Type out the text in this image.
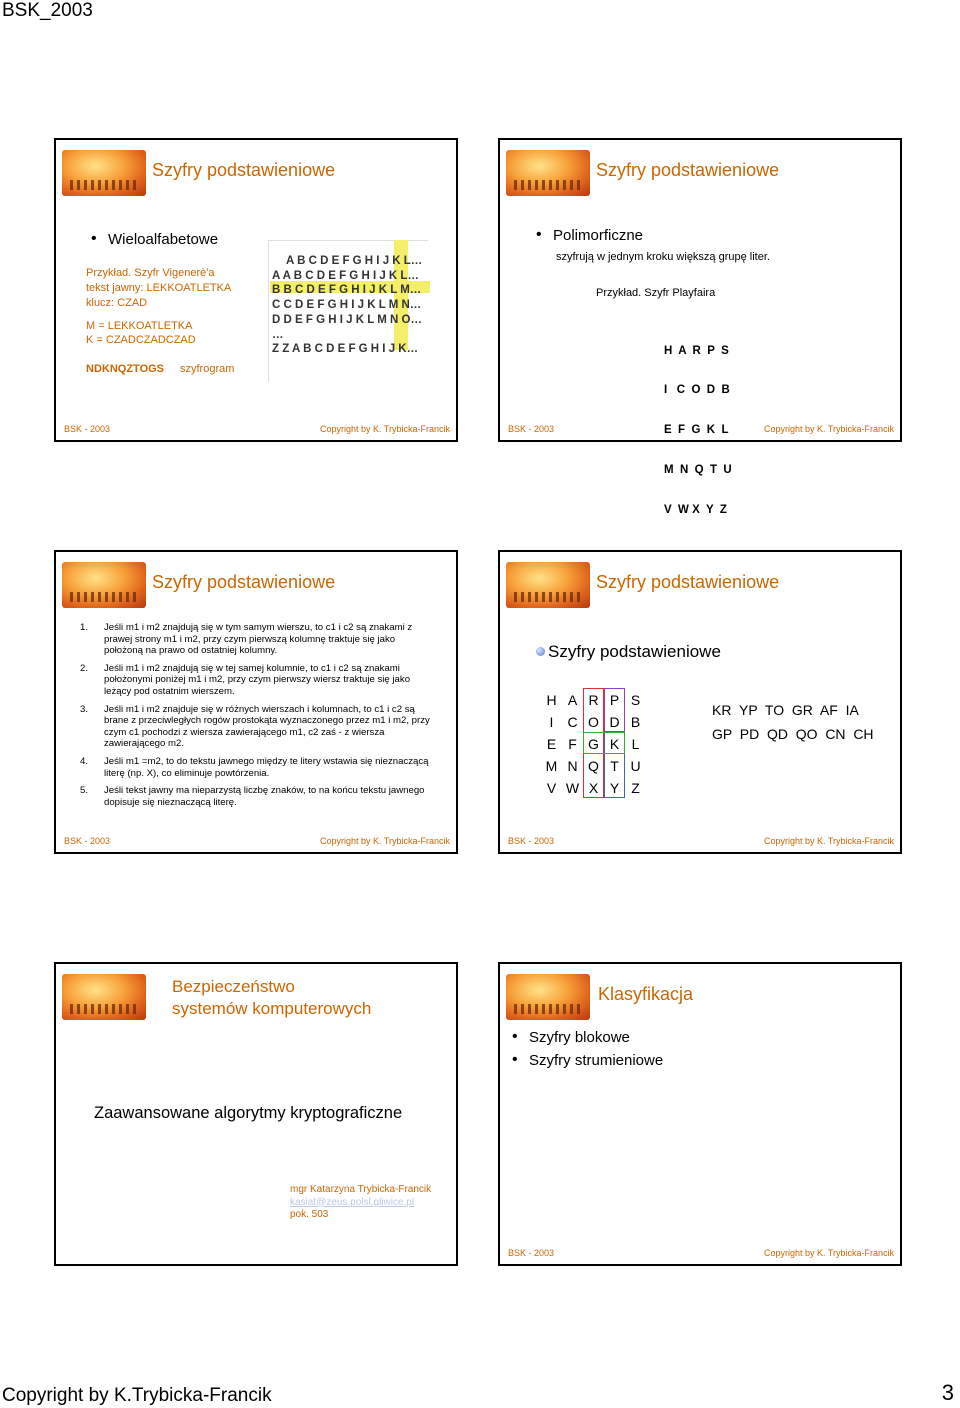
BSK_2003
Szyfry podstawieniowe
• Wieloalfabetowe
Przykład. Szyfr Vigenerè'a
tekst jawny: LEKKOATLETKA
klucz: CZAD
M = LEKKOATLETKA
K = CZADCZADCZAD
NDKNQZTOGS szyfrogram
A B C D E F G H I J K L…
A A B C D E F G H I J K L…
B B C D E F G H I J K L M…
C C D E F G H I J K L M N…
D D E F G H I J K L M N O…
…
Z Z A B C D E F G H I J K…
BSK - 2003	Copyright by K. Trybicka-Francik
Szyfry podstawieniowe
• Polimorficzne
szyfrują w jednym kroku większą grupę liter.
Przykład. Szyfr Playfaira

H  A  R  P  S

I   C  O  D  B

E  F  G  K  L

M  N  Q  T  U

V  W X  Y  Z

BSK - 2003	Copyright by K. Trybicka-Francik
Szyfry podstawieniowe
1. Jeśli m1 i m2 znajdują się w tym samym wierszu, to c1 i c2 są znakami z prawej strony m1 i m2, przy czym pierwszą kolumnę traktuje się jako położoną na prawo od ostatniej kolumny.
2. Jeśli m1 i m2 znajdują się w tej samej kolumnie, to c1 i c2 są znakami położonymi poniżej m1 i m2, przy czym pierwszy wiersz traktuje się jako leżący pod ostatnim wierszem.
3. Jeśli m1 i m2 znajduje się w różnych wierszach i kolumnach, to c1 i c2 są brane z przeciwległych rogów prostokąta wyznaczonego przez m1 i m2, przy czym c1 pochodzi z wiersza zawierającego m1, c2 zaś - z wiersza zawierającego m2.
4. Jeśli m1 =m2, to do tekstu jawnego między te litery wstawia się nieznaczącą literę (np. X), co eliminuje powtórzenia.
5. Jeśli tekst jawny ma nieparzystą liczbę znaków, to na końcu tekstu jawnego dopisuje się nieznaczącą literę.
BSK - 2003	Copyright by K. Trybicka-Francik
Szyfry podstawieniowe
Szyfry podstawieniowe
H A R P S
I	C O D B
E F G K L
M N Q T U
V W X Y Z
KR  YP  TO  GR  AF  IA
GP  PD  QD  QO  CN  CH
BSK - 2003	Copyright by K. Trybicka-Francik
Bezpieczeństwo
systemów komputerowych
Zaawansowane algorytmy kryptograficzne
mgr Katarzyna Trybicka-Francik
kasiat@zeus.polsl.gliwice.pl
pok. 503
Klasyfikacja
• Szyfry blokowe
• Szyfry strumieniowe
BSK - 2003	Copyright by K. Trybicka-Francik
Copyright by K.Trybicka-Francik	3
